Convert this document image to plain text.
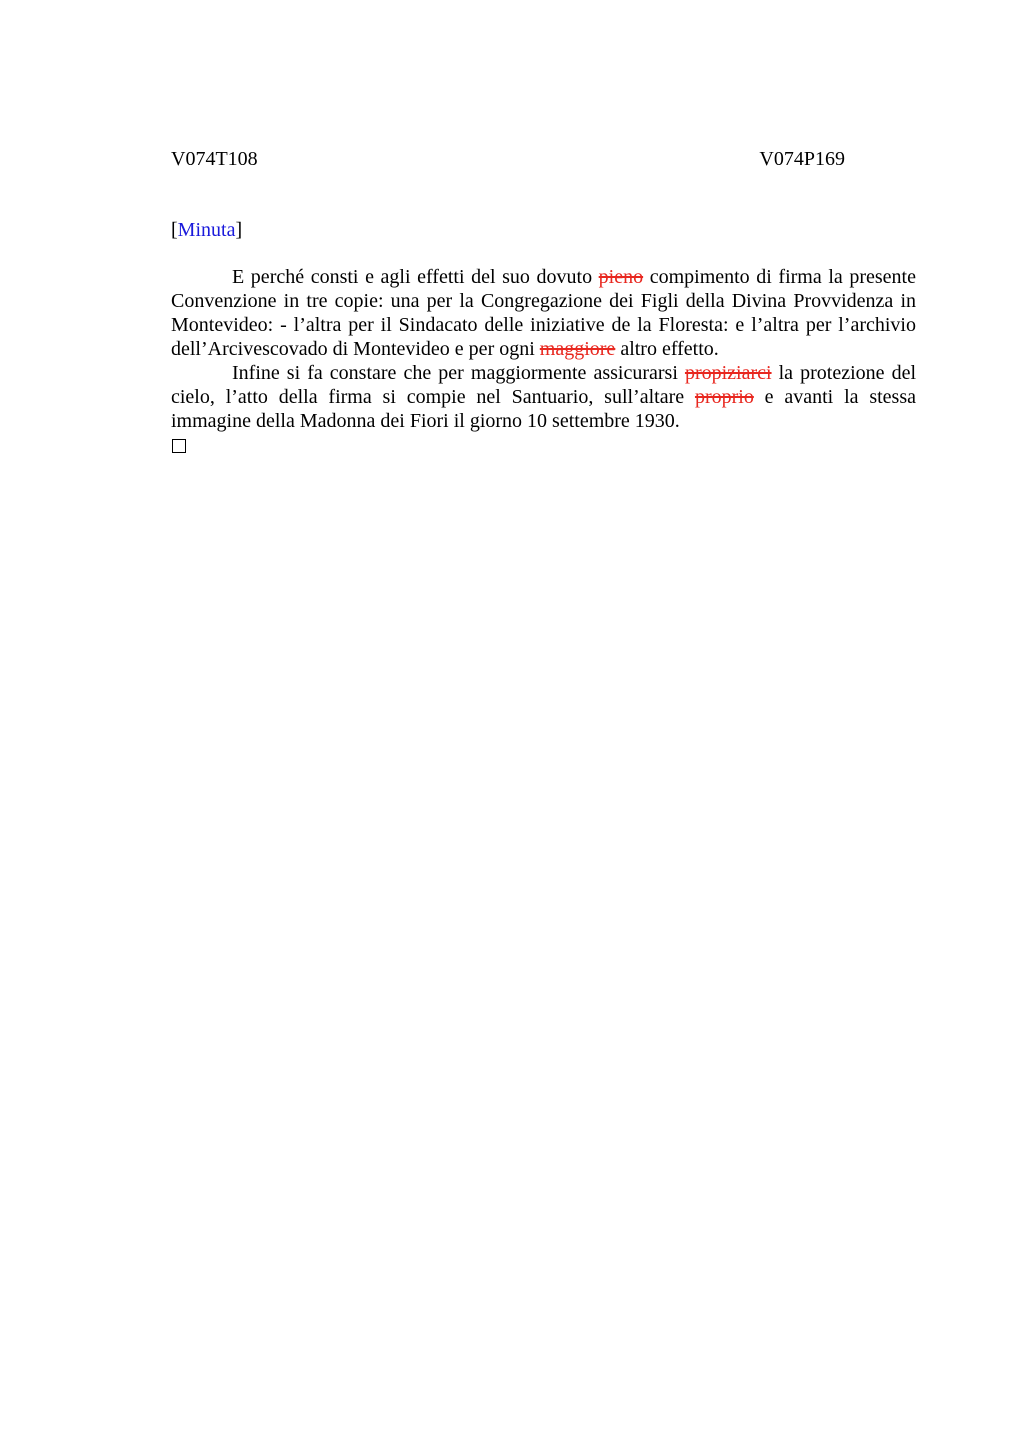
V074T108	V074P169
[Minuta]

E perché consti e agli effetti del suo dovuto pieno compimento di firma la presente Convenzione in tre copie: una per la Congregazione dei Figli della Divina Provvidenza in Montevideo: - l’altra per il Sindacato delle iniziative de la Floresta: e l’altra per l’archivio dell’Arcivescovado di Montevideo e per ogni maggiore altro effetto.

Infine si fa constare che per maggiormente assicurarsi propiziarci la protezione del cielo, l’atto della firma si compie nel Santuario, sull’altare proprio e avanti la stessa immagine della Madonna dei Fiori il giorno 10 settembre 1930.
